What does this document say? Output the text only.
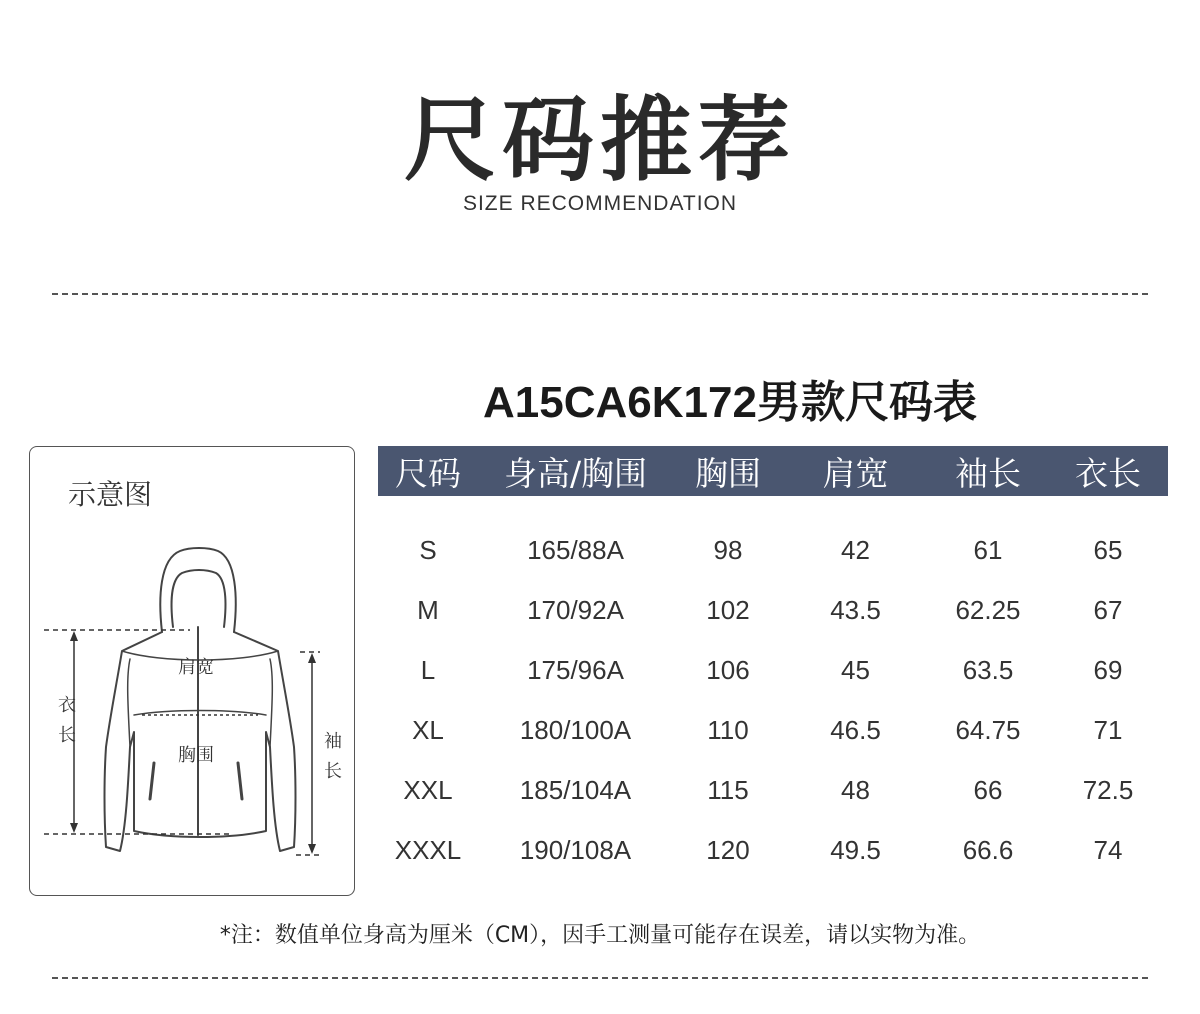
尺码推荐
SIZE RECOMMENDATION
A15CA6K172男款尺码表
示意图
衣
长	袖
长
肩宽
胸围
尺码	身高/胸围	胸围	肩宽	袖长	衣长
S	165/88A	98	42	61	65
M	170/92A	102	43.5	62.25	67
L	175/96A	106	45	63.5	69
XL	180/100A	110	46.5	64.75	71
XXL	185/104A	115	48	66	72.5
XXXL	190/108A	120	49.5	66.6	74
*注：数值单位身高为厘米（CM），因手工测量可能存在误差，请以实物为准。
